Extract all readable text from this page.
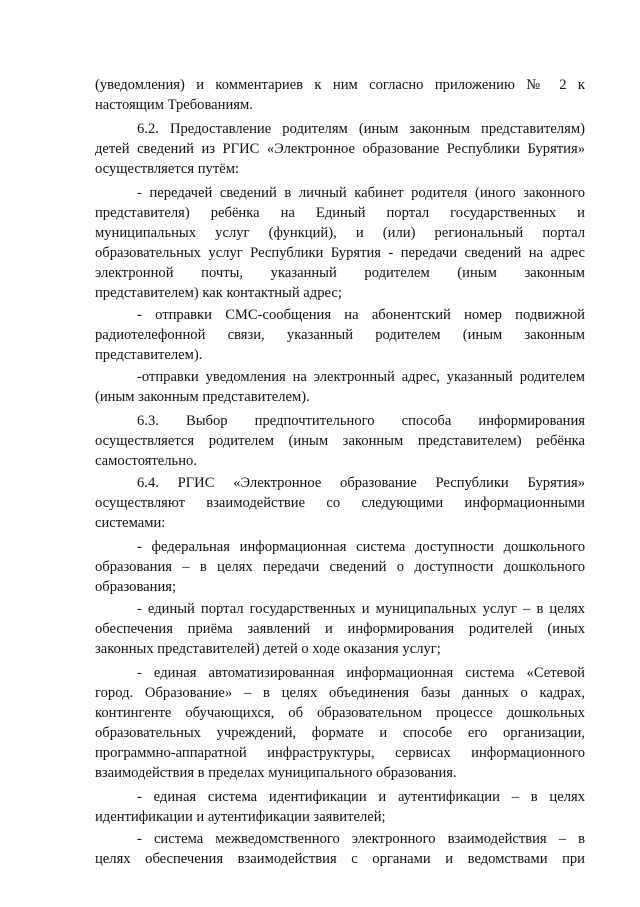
(уведомления) и комментариев к ним согласно приложению № 2 к
настоящим Требованиям.
6.2. Предоставление родителям (иным законным представителям)
детей сведений из РГИС «Электронное образование Республики Бурятия»
осуществляется путём:
- передачей сведений в личный кабинет родителя (иного законного
представителя) ребёнка на Единый портал государственных и
муниципальных услуг (функций), и (или) региональный портал
образовательных услуг Республики Бурятия - передачи сведений на адрес
электронной почты, указанный родителем (иным законным
представителем) как контактный адрес;
- отправки СМС-сообщения на абонентский номер подвижной
радиотелефонной связи, указанный родителем (иным законным
представителем).
-отправки уведомления на электронный адрес, указанный родителем
(иным законным представителем).
6.3. Выбор предпочтительного способа информирования
осуществляется родителем (иным законным представителем) ребёнка
самостоятельно.
6.4. РГИС «Электронное образование Республики Бурятия»
осуществляют взаимодействие со следующими информационными
системами:
- федеральная информационная система доступности дошкольного
образования – в целях передачи сведений о доступности дошкольного
образования;
- единый портал государственных и муниципальных услуг – в целях
обеспечения приёма заявлений и информирования родителей (иных
законных представителей) детей о ходе оказания услуг;
- единая автоматизированная информационная система «Сетевой
город. Образование» – в целях объединения базы данных о кадрах,
контингенте обучающихся, об образовательном процессе дошкольных
образовательных учреждений, формате и способе его организации,
программно-аппаратной инфраструктуры, сервисах информационного
взаимодействия в пределах муниципального образования.
- единая система идентификации и аутентификации – в целях
идентификации и аутентификации заявителей;
- система межведомственного электронного взаимодействия – в
целях обеспечения взаимодействия с органами и ведомствами при
